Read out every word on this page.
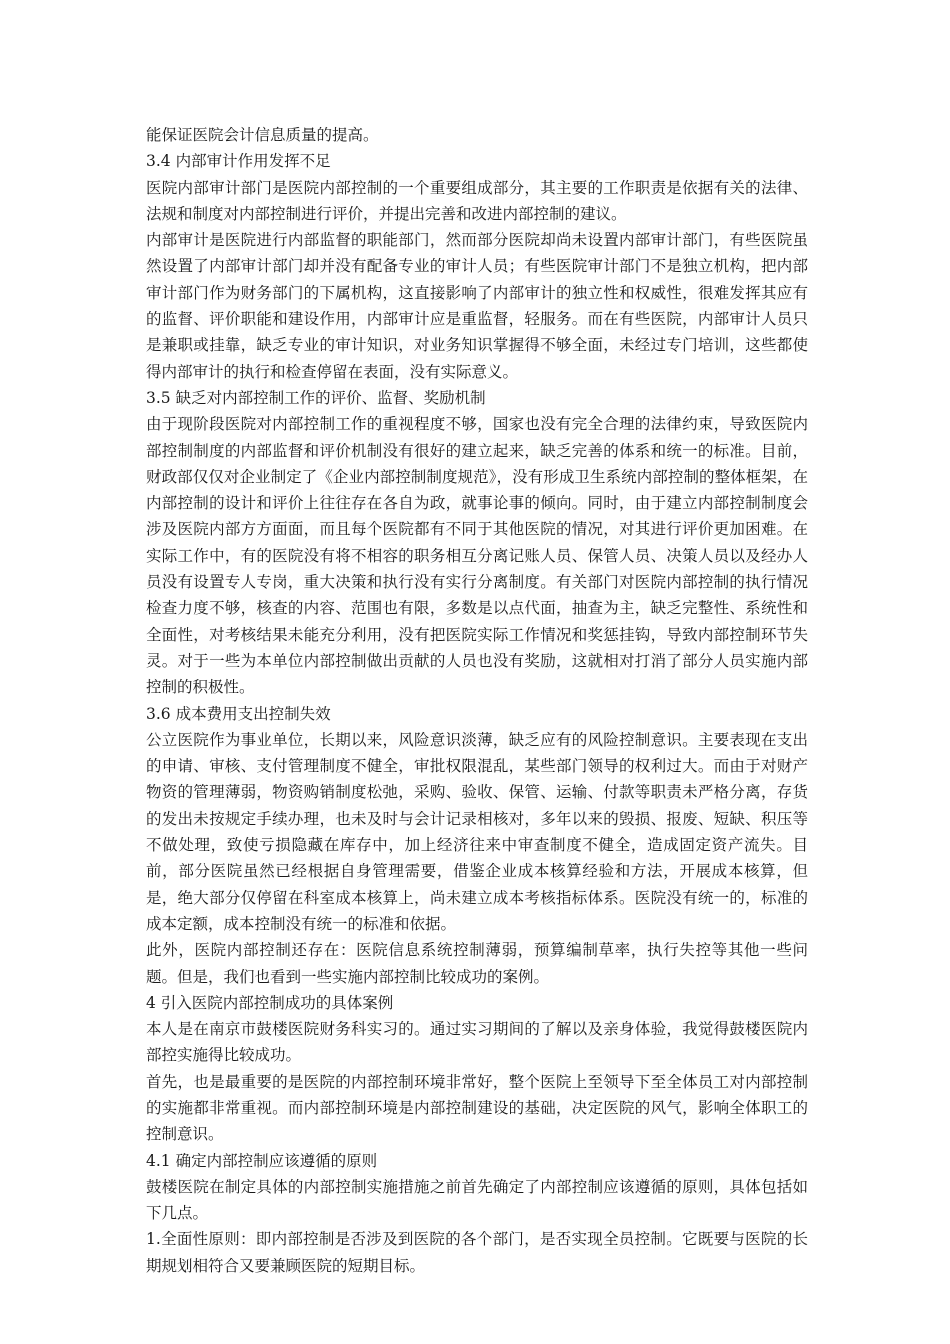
能保证医院会计信息质量的提高。

3.4 内部审计作用发挥不足

医院内部审计部门是医院内部控制的一个重要组成部分，其主要的工作职责是依据有关的法律、法规和制度对内部控制进行评价，并提出完善和改进内部控制的建议。

内部审计是医院进行内部监督的职能部门，然而部分医院却尚未设置内部审计部门，有些医院虽然设置了内部审计部门却并没有配备专业的审计人员；有些医院审计部门不是独立机构，把内部审计部门作为财务部门的下属机构，这直接影响了内部审计的独立性和权威性，很难发挥其应有的监督、评价职能和建设作用，内部审计应是重监督，轻服务。而在有些医院，内部审计人员只是兼职或挂靠，缺乏专业的审计知识，对业务知识掌握得不够全面，未经过专门培训，这些都使得内部审计的执行和检查停留在表面，没有实际意义。

3.5 缺乏对内部控制工作的评价、监督、奖励机制

由于现阶段医院对内部控制工作的重视程度不够，国家也没有完全合理的法律约束，导致医院内部控制制度的内部监督和评价机制没有很好的建立起来，缺乏完善的体系和统一的标准。目前，财政部仅仅对企业制定了《企业内部控制制度规范》，没有形成卫生系统内部控制的整体框架，在内部控制的设计和评价上往往存在各自为政，就事论事的倾向。同时，由于建立内部控制制度会涉及医院内部方方面面，而且每个医院都有不同于其他医院的情况，对其进行评价更加困难。在实际工作中，有的医院没有将不相容的职务相互分离记账人员、保管人员、决策人员以及经办人员没有设置专人专岗，重大决策和执行没有实行分离制度。有关部门对医院内部控制的执行情况检查力度不够，核查的内容、范围也有限，多数是以点代面，抽查为主，缺乏完整性、系统性和全面性，对考核结果未能充分利用，没有把医院实际工作情况和奖惩挂钩，导致内部控制环节失灵。对于一些为本单位内部控制做出贡献的人员也没有奖励，这就相对打消了部分人员实施内部控制的积极性。

3.6 成本费用支出控制失效

公立医院作为事业单位，长期以来，风险意识淡薄，缺乏应有的风险控制意识。主要表现在支出的申请、审核、支付管理制度不健全，审批权限混乱，某些部门领导的权利过大。而由于对财产物资的管理薄弱，物资购销制度松弛，采购、验收、保管、运输、付款等职责未严格分离，存货的发出未按规定手续办理，也未及时与会计记录相核对，多年以来的毁损、报废、短缺、积压等不做处理，致使亏损隐藏在库存中，加上经济往来中审查制度不健全，造成固定资产流失。目前，部分医院虽然已经根据自身管理需要，借鉴企业成本核算经验和方法，开展成本核算，但是，绝大部分仅停留在科室成本核算上，尚未建立成本考核指标体系。医院没有统一的，标准的成本定额，成本控制没有统一的标准和依据。

此外，医院内部控制还存在：医院信息系统控制薄弱，预算编制草率，执行失控等其他一些问题。但是，我们也看到一些实施内部控制比较成功的案例。

4 引入医院内部控制成功的具体案例

本人是在南京市鼓楼医院财务科实习的。通过实习期间的了解以及亲身体验，我觉得鼓楼医院内部控实施得比较成功。

首先，也是最重要的是医院的内部控制环境非常好，整个医院上至领导下至全体员工对内部控制的实施都非常重视。而内部控制环境是内部控制建设的基础，决定医院的风气，影响全体职工的控制意识。

4.1 确定内部控制应该遵循的原则

鼓楼医院在制定具体的内部控制实施措施之前首先确定了内部控制应该遵循的原则，具体包括如下几点。

1.全面性原则：即内部控制是否涉及到医院的各个部门，是否实现全员控制。它既要与医院的长期规划相符合又要兼顾医院的短期目标。
